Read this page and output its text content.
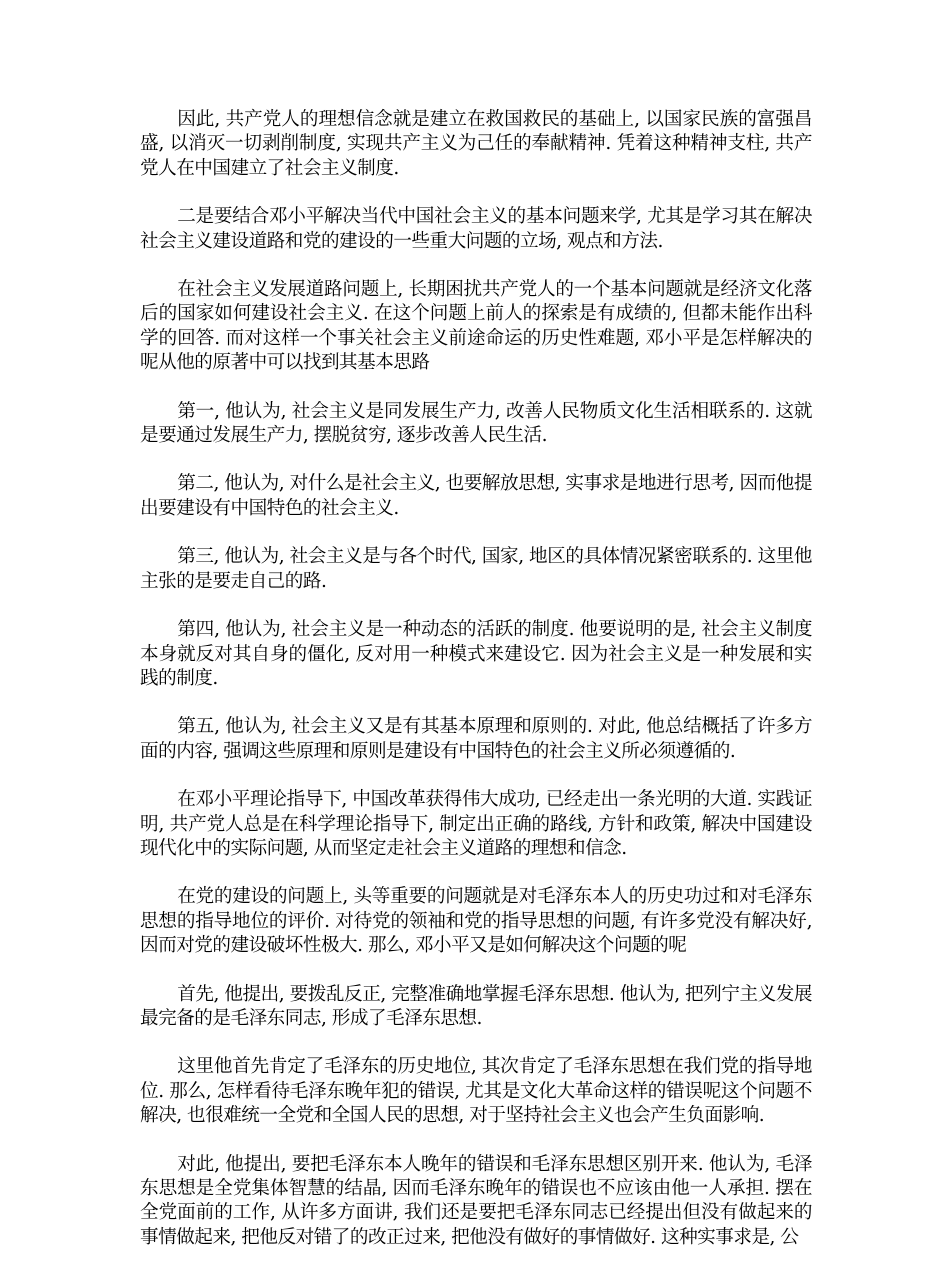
因此, 共产党人的理想信念就是建立在救国救民的基础上, 以国家民族的富强昌盛, 以消灭一切剥削制度, 实现共产主义为己任的奉献精神. 凭着这种精神支柱, 共产党人在中国建立了社会主义制度.

二是要结合邓小平解决当代中国社会主义的基本问题来学, 尤其是学习其在解决社会主义建设道路和党的建设的一些重大问题的立场, 观点和方法.

在社会主义发展道路问题上, 长期困扰共产党人的一个基本问题就是经济文化落后的国家如何建设社会主义. 在这个问题上前人的探索是有成绩的, 但都未能作出科学的回答. 而对这样一个事关社会主义前途命运的历史性难题, 邓小平是怎样解决的呢从他的原著中可以找到其基本思路

第一, 他认为, 社会主义是同发展生产力, 改善人民物质文化生活相联系的. 这就是要通过发展生产力, 摆脱贫穷, 逐步改善人民生活.

第二, 他认为, 对什么是社会主义, 也要解放思想, 实事求是地进行思考, 因而他提出要建设有中国特色的社会主义.

第三, 他认为, 社会主义是与各个时代, 国家, 地区的具体情况紧密联系的. 这里他主张的是要走自己的路.

第四, 他认为, 社会主义是一种动态的活跃的制度. 他要说明的是, 社会主义制度本身就反对其自身的僵化, 反对用一种模式来建设它. 因为社会主义是一种发展和实践的制度.

第五, 他认为, 社会主义又是有其基本原理和原则的. 对此, 他总结概括了许多方面的内容, 强调这些原理和原则是建设有中国特色的社会主义所必须遵循的.

在邓小平理论指导下, 中国改革获得伟大成功, 已经走出一条光明的大道. 实践证明, 共产党人总是在科学理论指导下, 制定出正确的路线, 方针和政策, 解决中国建设现代化中的实际问题, 从而坚定走社会主义道路的理想和信念.

在党的建设的问题上, 头等重要的问题就是对毛泽东本人的历史功过和对毛泽东思想的指导地位的评价. 对待党的领袖和党的指导思想的问题, 有许多党没有解决好, 因而对党的建设破坏性极大. 那么, 邓小平又是如何解决这个问题的呢

首先, 他提出, 要拨乱反正, 完整准确地掌握毛泽东思想. 他认为, 把列宁主义发展最完备的是毛泽东同志, 形成了毛泽东思想.

这里他首先肯定了毛泽东的历史地位, 其次肯定了毛泽东思想在我们党的指导地位. 那么, 怎样看待毛泽东晚年犯的错误, 尤其是文化大革命这样的错误呢这个问题不解决, 也很难统一全党和全国人民的思想, 对于坚持社会主义也会产生负面影响.

对此, 他提出, 要把毛泽东本人晚年的错误和毛泽东思想区别开来. 他认为, 毛泽东思想是全党集体智慧的结晶, 因而毛泽东晚年的错误也不应该由他一人承担. 摆在全党面前的工作, 从许多方面讲, 我们还是要把毛泽东同志已经提出但没有做起来的事情做起来, 把他反对错了的改正过来, 把他没有做好的事情做好. 这种实事求是, 公
